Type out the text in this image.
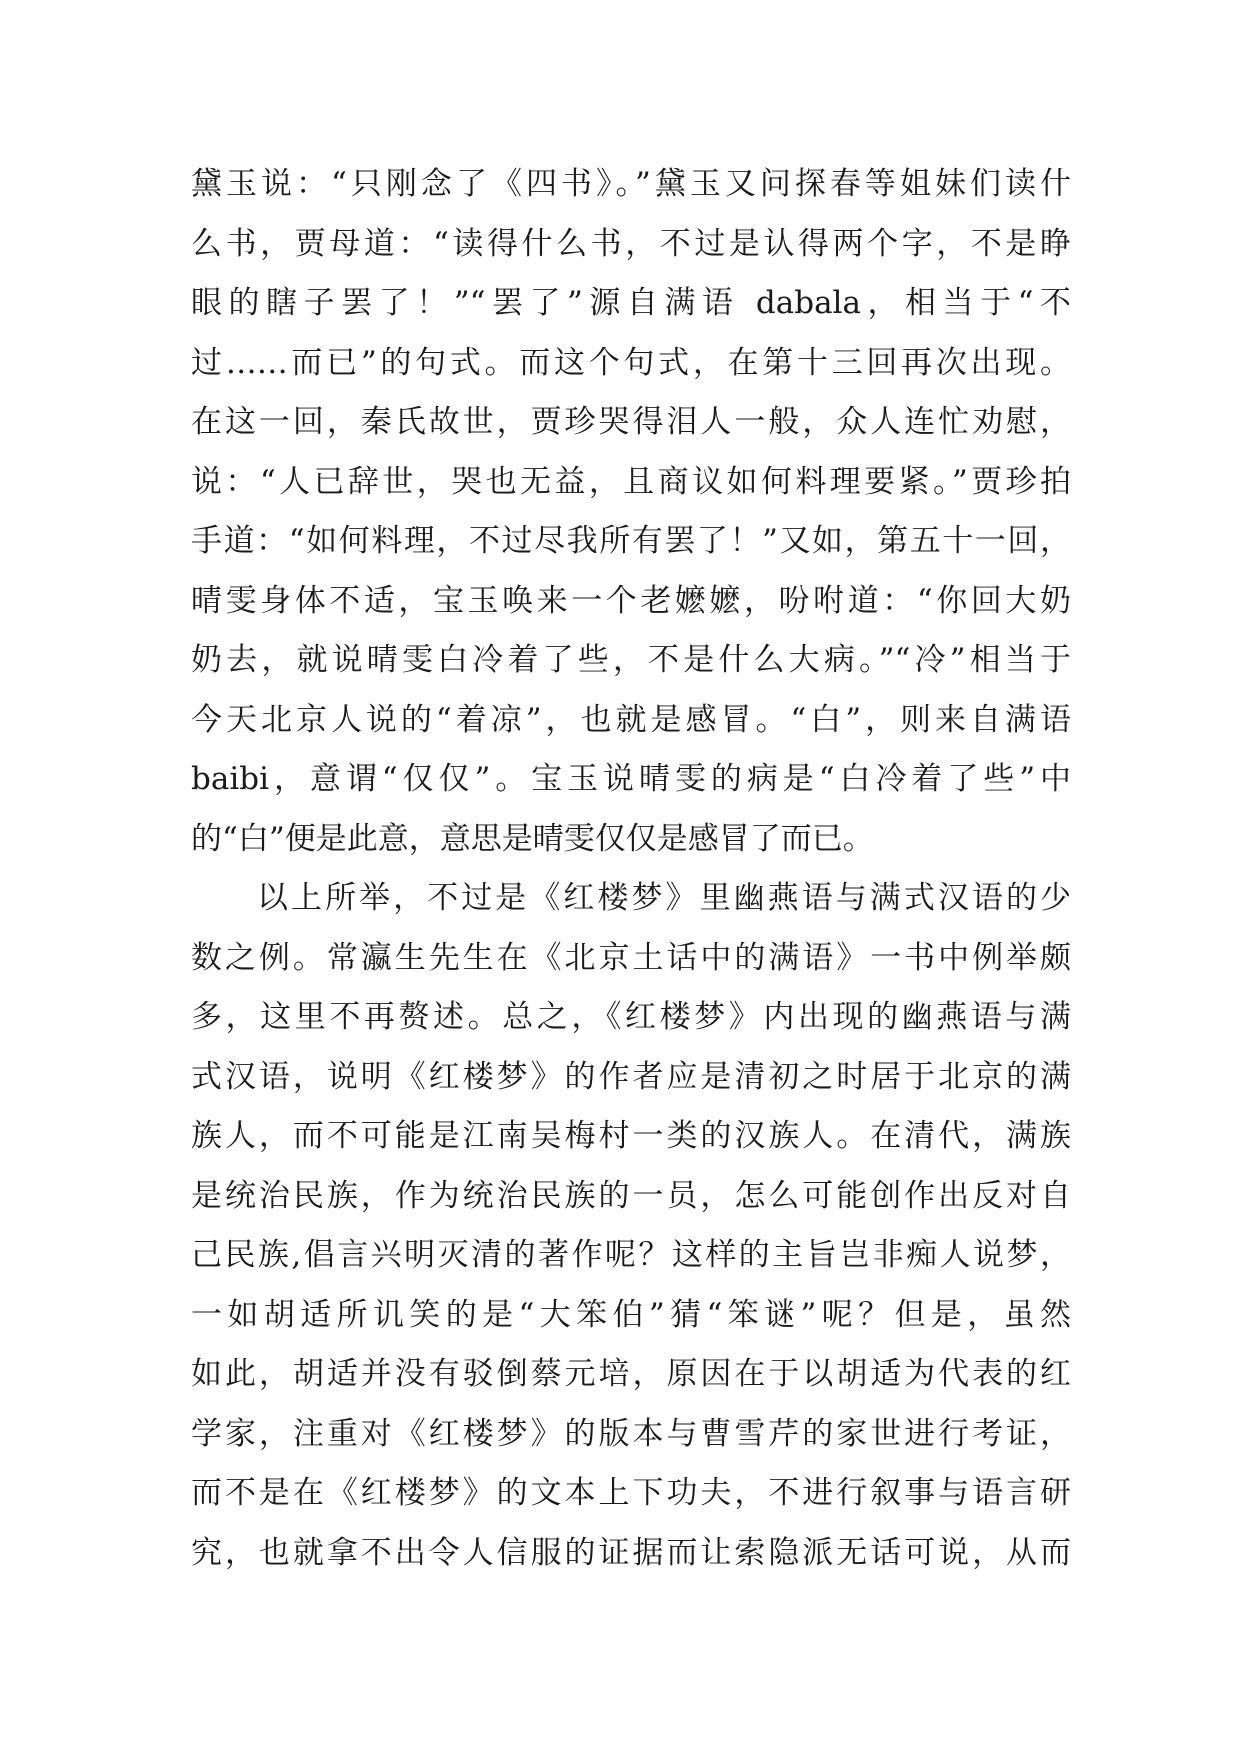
黛玉说：“只刚念了《四书》。”黛玉又问探春等姐妹们读什
么书，贾母道：“读得什么书，不过是认得两个字，不是睁
眼的瞎子罢了！”“罢了”源自满语 dabala，相当于“不
过……而已”的句式。而这个句式，在第十三回再次出现。
在这一回，秦氏故世，贾珍哭得泪人一般，众人连忙劝慰，
说：“人已辞世，哭也无益，且商议如何料理要紧。”贾珍拍
手道：“如何料理，不过尽我所有罢了！”又如，第五十一回，
晴雯身体不适，宝玉唤来一个老嬷嬷，吩咐道：“你回大奶
奶去，就说晴雯白冷着了些，不是什么大病。”“冷”相当于
今天北京人说的“着凉”，也就是感冒。“白”，则来自满语
baibi，意谓“仅仅”。宝玉说晴雯的病是“白冷着了些”中
的“白”便是此意，意思是晴雯仅仅是感冒了而已。
以上所举，不过是《红楼梦》里幽燕语与满式汉语的少
数之例。常瀛生先生在《北京土话中的满语》一书中例举颇
多，这里不再赘述。总之，《红楼梦》内出现的幽燕语与满
式汉语，说明《红楼梦》的作者应是清初之时居于北京的满
族人，而不可能是江南吴梅村一类的汉族人。在清代，满族
是统治民族，作为统治民族的一员，怎么可能创作出反对自
己民族,倡言兴明灭清的著作呢？这样的主旨岂非痴人说梦，
一如胡适所讥笑的是“大笨伯”猜“笨谜”呢？但是，虽然
如此，胡适并没有驳倒蔡元培，原因在于以胡适为代表的红
学家，注重对《红楼梦》的版本与曹雪芹的家世进行考证，
而不是在《红楼梦》的文本上下功夫，不进行叙事与语言研
究，也就拿不出令人信服的证据而让索隐派无话可说，从而
